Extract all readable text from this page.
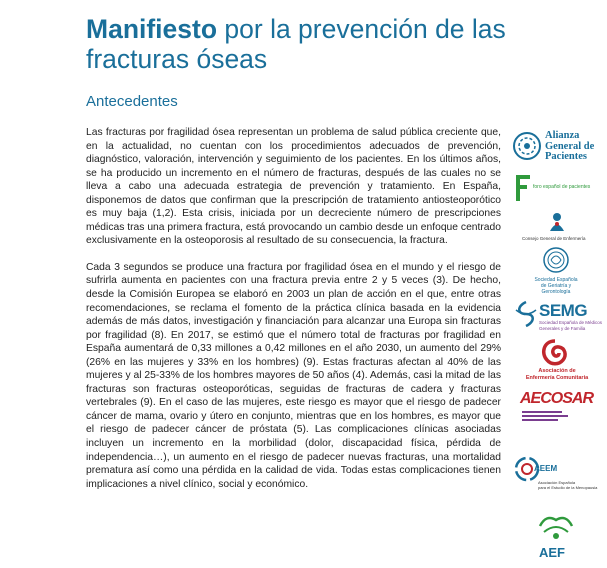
Manifiesto por la prevención de las fracturas óseas
Antecedentes

Las fracturas por fragilidad ósea representan un problema de salud pública creciente que, en la actualidad, no cuentan con los procedimientos adecuados de prevención, diagnóstico, valoración, intervención y seguimiento de los pacientes. En los últimos años, se ha producido un incremento en el número de fracturas, después de las cuales no se lleva a cabo una adecuada estrategia de prevención y tratamiento. En España, disponemos de datos que confirman que la prescripción de tratamiento antiosteoporótico es muy baja (1,2). Esta crisis, iniciada por un decreciente número de prescripciones médicas tras una primera fractura, está provocando un cambio desde un enfoque centrado exclusivamente en la osteoporosis al resultado de su consecuencia, la fractura.

Cada 3 segundos se produce una fractura por fragilidad ósea en el mundo y el riesgo de sufrirla aumenta en pacientes con una fractura previa entre 2 y 5 veces (3). De hecho, desde la Comisión Europea se elaboró en 2003 un plan de acción en el que, entre otras recomendaciones, se reclama el fomento de la práctica clínica basada en la evidencia además de más datos, investigación y financiación para alcanzar una Europa sin fracturas por fragilidad (8). En 2017, se estimó que el número total de fracturas por fragilidad en España aumentará de 0,33 millones a 0,42 millones en el año 2030, un aumento del 29% (26% en las mujeres y 33% en los hombres) (9). Estas fracturas afectan al 40% de las mujeres y al 25-33% de los hombres mayores de 50 años (4). Además, casi la mitad de las fracturas son fracturas osteoporóticas, seguidas de fracturas de cadera y fracturas vertebrales (9). En el caso de las mujeres, este riesgo es mayor que el riesgo de padecer cáncer de mama, ovario y útero en conjunto, mientras que en los hombres, es mayor que el riesgo de padecer cáncer de próstata (5). Las complicaciones clínicas asociadas incluyen un incremento en la morbilidad (dolor, discapacidad física, pérdida de independencia…), un aumento en el riesgo de padecer nuevas fracturas, una mortalidad prematura así como una pérdida en la calidad de vida. Todas estas complicaciones tienen implicaciones a nivel clínico, social y económico.

Alianza
General de
Pacientes
foro español de pacientes
Consejo General de Enfermería
Sociedad Española
de Geriatría y Gerontología
SEMG
Sociedad Española de Médicos
Generales y de Familia
Asociación de
Enfermería Comunitaria
AECOSAR
AEEM
Asociación Española
para el Estudio de la Menopausia
AEF
